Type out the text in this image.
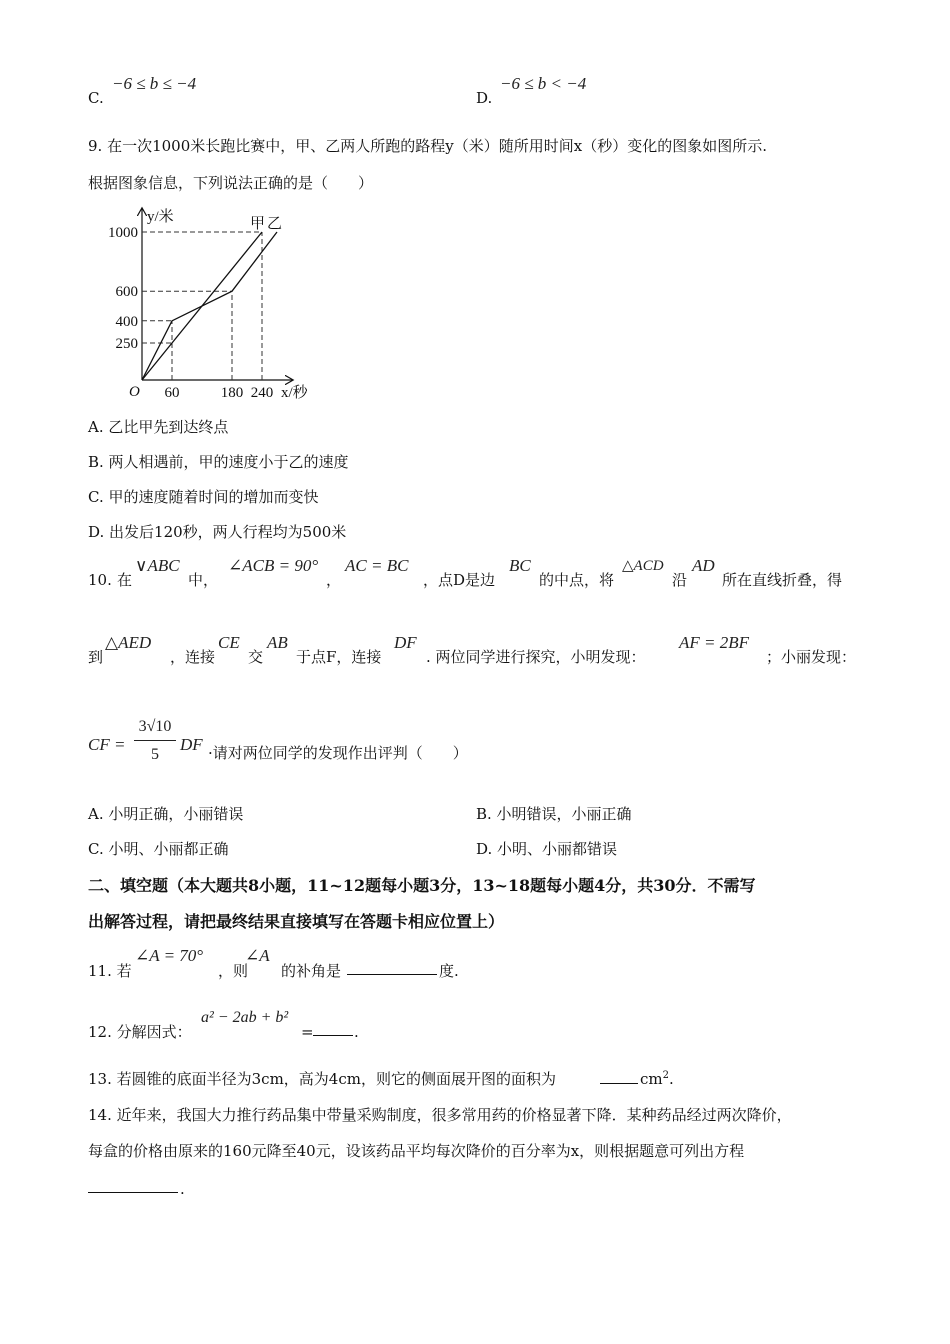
C.
−6 ≤ b ≤ −4
D.
−6 ≤ b < −4
9. 在一次1000米长跑比赛中，甲、乙两人所跑的路程y（米）随所用时间x（秒）变化的图象如图所示.
根据图象信息，下列说法正确的是（　　）
60	180 240
250
400
600
1000
y/米
x/秒
O
甲 乙
A. 乙比甲先到达终点
B. 两人相遇前，甲的速度小于乙的速度
C. 甲的速度随着时间的增加而变快
D. 出发后120秒，两人行程均为500米
10. 在
∨ABC
中，
∠ACB = 90°
，
AC = BC
，点D是边
BC
的中点，将
△ACD
沿
AD
所在直线折叠，得
到
△AED
，连接
CE
交
AB
于点F，连接
DF
. 两位同学进行探究，小明发现：
AF = 2BF
；小丽发现：
CF =
3√10
5
DF ·请对两位同学的发现作出评判（　　）
A. 小明正确，小丽错误	B. 小明错误，小丽正确
C. 小明、小丽都正确	D. 小明、小丽都错误
二、填空题（本大题共8小题，11~12题每小题3分，13~18题每小题4分，共30分．不需写
出解答过程，请把最终结果直接填写在答题卡相应位置上）
11. 若
∠A = 70°
，则
∠A
的补角是	度.
12. 分解因式：
a² − 2ab + b²
=	.
13. 若圆锥的底面半径为3cm，高为4cm，则它的侧面展开图的面积为	$cm^2$.
14. 近年来，我国大力推行药品集中带量采购制度，很多常用药的价格显著下降．某种药品经过两次降价，
每盒的价格由原来的160元降至40元，设该药品平均每次降价的百分率为x，则根据题意可列出方程
.
